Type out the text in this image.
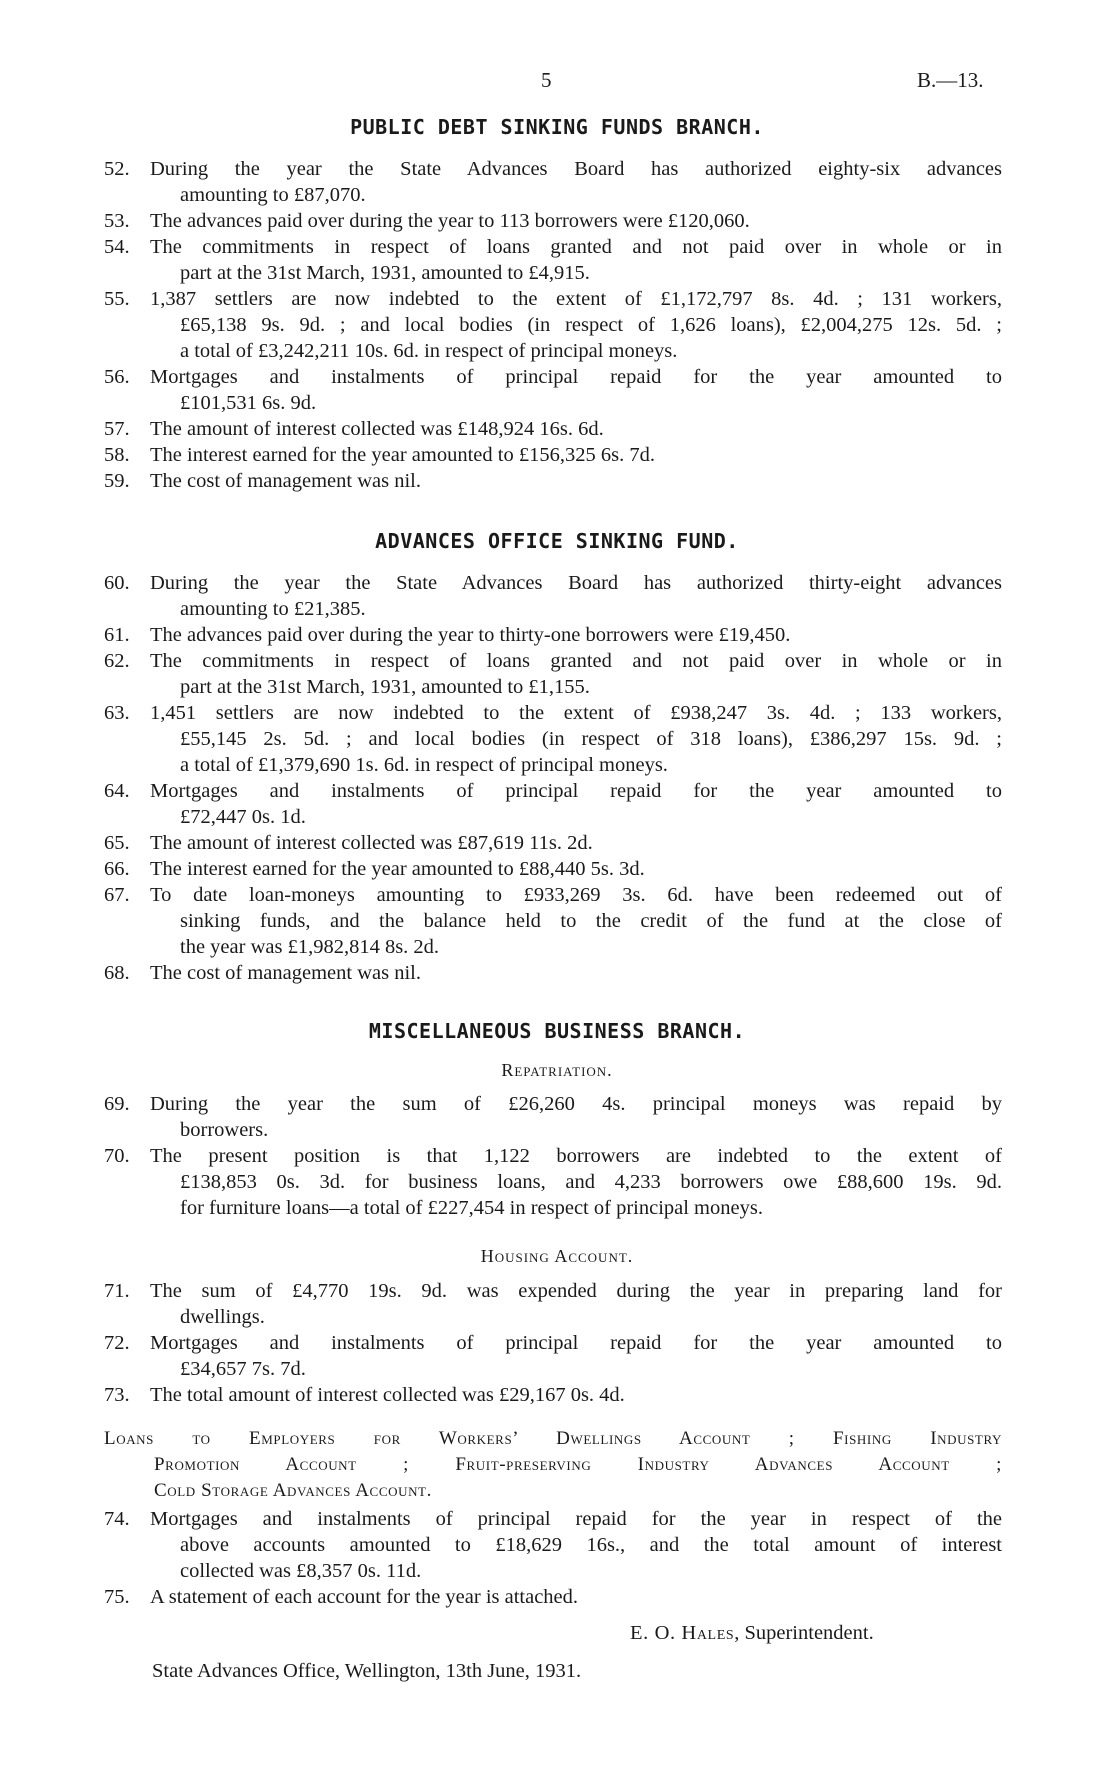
5	B.—13.
PUBLIC DEBT SINKING FUNDS BRANCH.
52. During the year the State Advances Board has authorized eighty-six advances
amounting to £87,070.
53. The advances paid over during the year to 113 borrowers were £120,060.
54. The commitments in respect of loans granted and not paid over in whole or in
part at the 31st March, 1931, amounted to £4,915.
55. 1,387 settlers are now indebted to the extent of £1,172,797 8s. 4d. ; 131 workers,
£65,138 9s. 9d. ; and local bodies (in respect of 1,626 loans), £2,004,275 12s. 5d. ;
a total of £3,242,211 10s. 6d. in respect of principal moneys.
56. Mortgages and instalments of principal repaid for the year amounted to
£101,531 6s. 9d.
57. The amount of interest collected was £148,924 16s. 6d.
58. The interest earned for the year amounted to £156,325 6s. 7d.
59. The cost of management was nil.
ADVANCES OFFICE SINKING FUND.
60. During the year the State Advances Board has authorized thirty-eight advances
amounting to £21,385.
61. The advances paid over during the year to thirty-one borrowers were £19,450.
62. The commitments in respect of loans granted and not paid over in whole or in
part at the 31st March, 1931, amounted to £1,155.
63. 1,451 settlers are now indebted to the extent of £938,247 3s. 4d. ; 133 workers,
£55,145 2s. 5d. ; and local bodies (in respect of 318 loans), £386,297 15s. 9d. ;
a total of £1,379,690 1s. 6d. in respect of principal moneys.
64. Mortgages and instalments of principal repaid for the year amounted to
£72,447 0s. 1d.
65. The amount of interest collected was £87,619 11s. 2d.
66. The interest earned for the year amounted to £88,440 5s. 3d.
67. To date loan-moneys amounting to £933,269 3s. 6d. have been redeemed out of
sinking funds, and the balance held to the credit of the fund at the close of
the year was £1,982,814 8s. 2d.
68. The cost of management was nil.
MISCELLANEOUS BUSINESS BRANCH.
Repatriation.
69. During the year the sum of £26,260 4s. principal moneys was repaid by
borrowers.
70. The present position is that 1,122 borrowers are indebted to the extent of
£138,853 0s. 3d. for business loans, and 4,233 borrowers owe £88,600 19s. 9d.
for furniture loans—a total of £227,454 in respect of principal moneys.
Housing Account.
71. The sum of £4,770 19s. 9d. was expended during the year in preparing land for
dwellings.
72. Mortgages and instalments of principal repaid for the year amounted to
£34,657 7s. 7d.
73. The total amount of interest collected was £29,167 0s. 4d.
Loans to Employers for Workers’ Dwellings Account ; Fishing Industry
Promotion Account ; Fruit-preserving Industry Advances Account ;
Cold Storage Advances Account.
74. Mortgages and instalments of principal repaid for the year in respect of the
above accounts amounted to £18,629 16s., and the total amount of interest
collected was £8,357 0s. 11d.
75. A statement of each account for the year is attached.
E. O. Hales, Superintendent.
State Advances Office, Wellington, 13th June, 1931.
